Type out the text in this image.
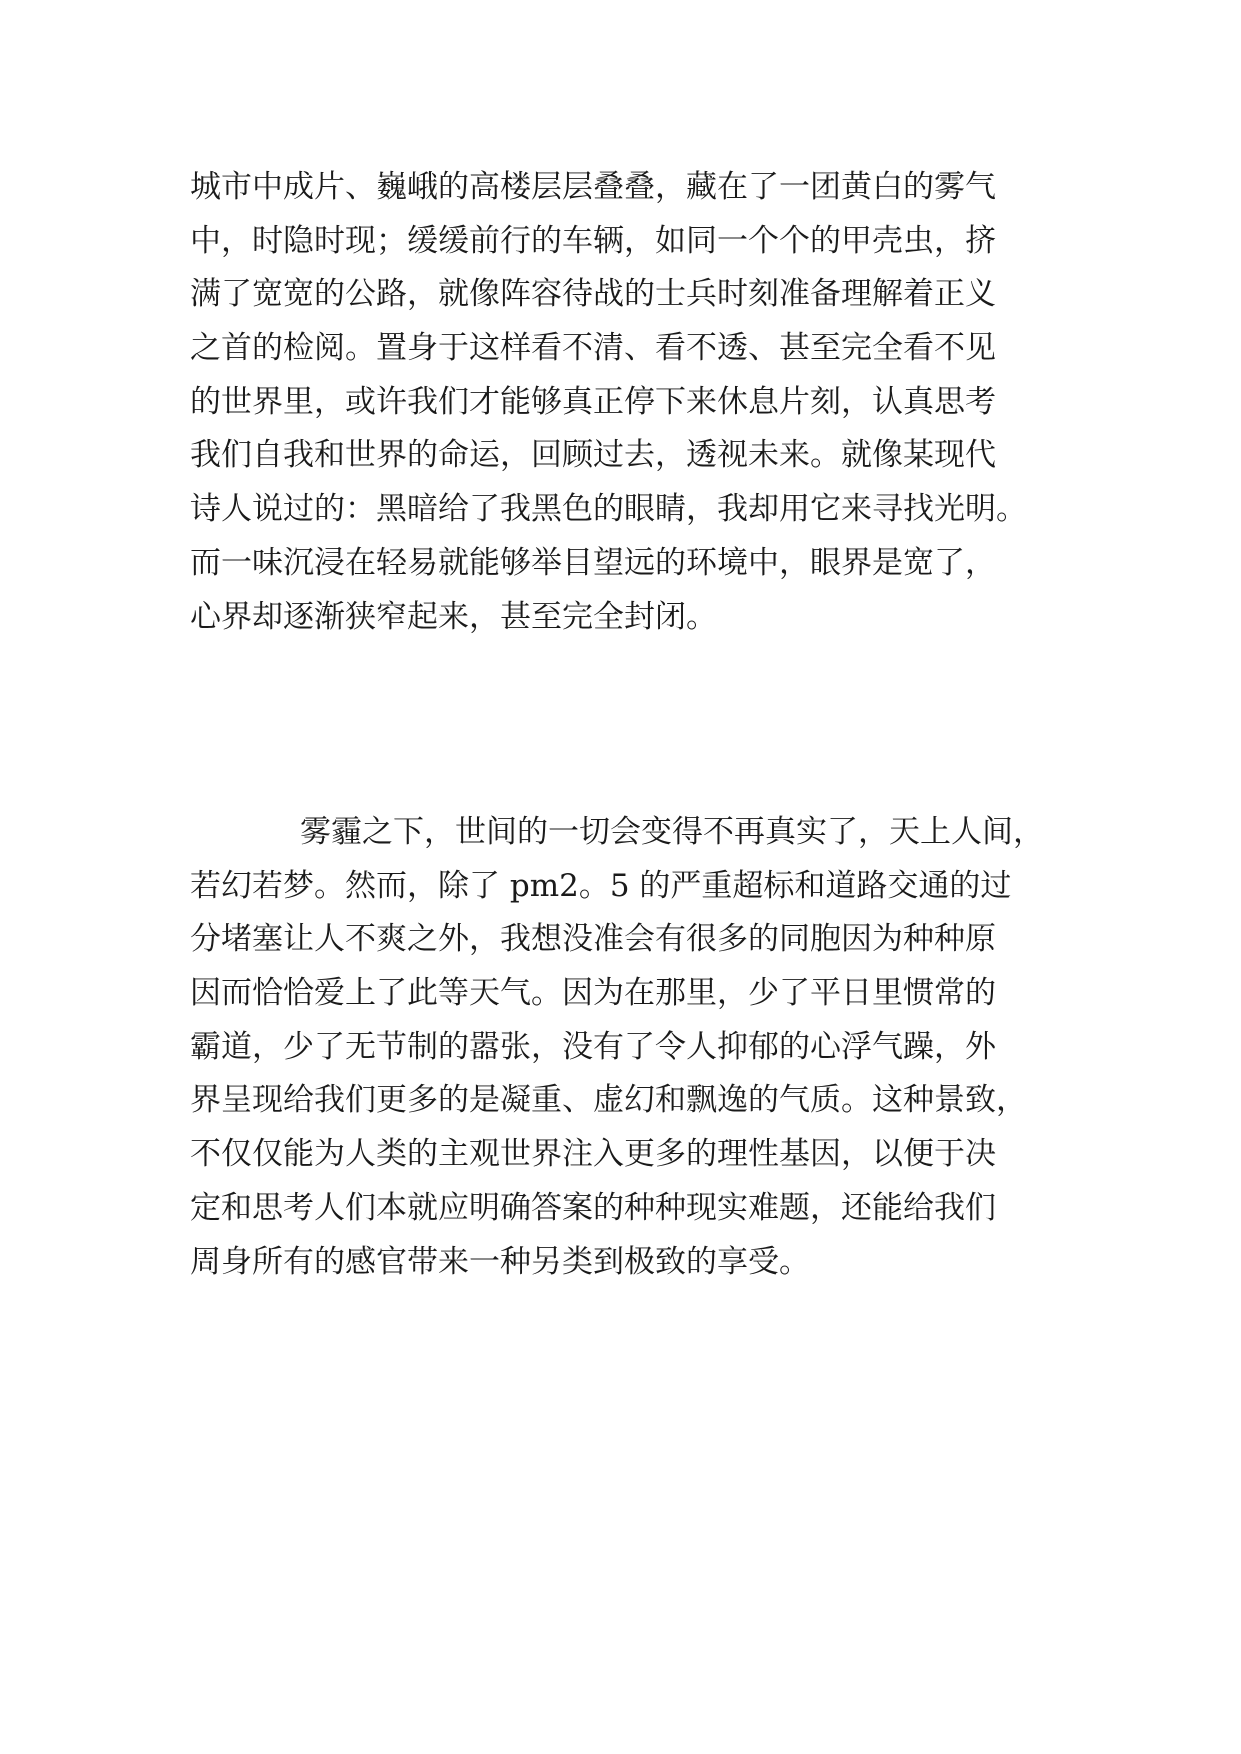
城市中成片、巍峨的高楼层层叠叠，藏在了一团黄白的雾气
中，时隐时现；缓缓前行的车辆，如同一个个的甲壳虫，挤
满了宽宽的公路，就像阵容待战的士兵时刻准备理解着正义
之首的检阅。置身于这样看不清、看不透、甚至完全看不见
的世界里，或许我们才能够真正停下来休息片刻，认真思考
我们自我和世界的命运，回顾过去，透视未来。就像某现代
诗人说过的：黑暗给了我黑色的眼睛，我却用它来寻找光明。
而一味沉浸在轻易就能够举目望远的环境中，眼界是宽了，
心界却逐渐狭窄起来，甚至完全封闭。
雾霾之下，世间的一切会变得不再真实了，天上人间，
若幻若梦。然而，除了 pm2。5 的严重超标和道路交通的过
分堵塞让人不爽之外，我想没准会有很多的同胞因为种种原
因而恰恰爱上了此等天气。因为在那里，少了平日里惯常的
霸道，少了无节制的嚣张，没有了令人抑郁的心浮气躁，外
界呈现给我们更多的是凝重、虚幻和飘逸的气质。这种景致，
不仅仅能为人类的主观世界注入更多的理性基因，以便于决
定和思考人们本就应明确答案的种种现实难题，还能给我们
周身所有的感官带来一种另类到极致的享受。
